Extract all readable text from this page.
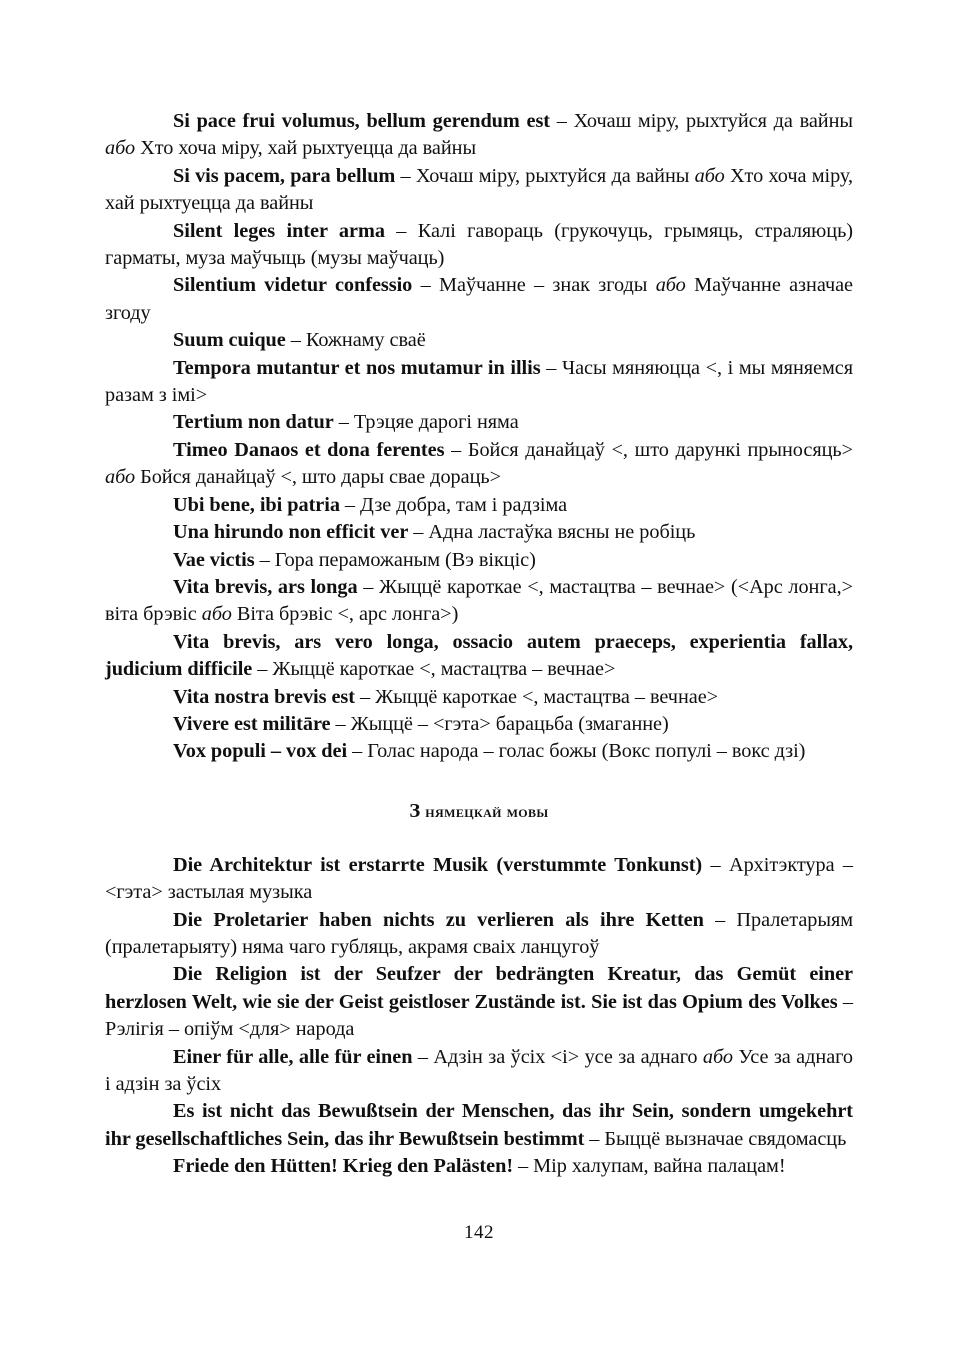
Si pace frui volumus, bellum gerendum est – Хочаш міру, рыхтуйся да вайны або Хто хоча міру, хай рыхтуецца да вайны

Si vis pacem, para bellum – Хочаш міру, рыхтуйся да вайны або Хто хоча міру, хай рыхтуецца да вайны

Silent leges inter arma – Калі гавораць (грукочуць, грымяць, страляюць) гарматы, муза маўчыць (музы маўчаць)

Silentium videtur confessio – Маўчанне – знак згоды або Маўчанне азначае згоду

Suum cuique – Кожнаму сваё

Tempora mutantur et nos mutamur in illis – Часы мяняюцца <, і мы мяняемся разам з імі>

Tertium non datur – Трэцяе дарогі няма

Timeo Danaos et dona ferentes – Бойся данайцаў <, што дарункі прыносяць> або Бойся данайцаў <, што дары свае дораць>

Ubi bene, ibi patria – Дзе добра, там і радзіма

Una hirundo non efficit ver – Адна ластаўка вясны не робіць

Vae victis – Гора пераможаным (Вэ вікціс)

Vita brevis, ars longa – Жыццё кароткае <, мастацтва – вечнае> (<Арс лонга,> віта брэвіс або Віта брэвіс <, арс лонга>)

Vita brevis, ars vero longa, ossacio autem praeceps, experientia fallax, judicium difficile – Жыццё кароткае <, мастацтва – вечнае>

Vita nostra brevis est – Жыццё кароткае <, мастацтва – вечнае>

Vivere est militāre – Жыццё – <гэта> барацьба (змаганне)

Vox populi – vox dei – Голас народа – голас божы (Вокс популі – вокс дзі)

З нямецкай мовы

Die Architektur ist erstarrte Musik (verstummte Tonkunst) – Архітэктура – <гэта> застылая музыка

Die Proletarier haben nichts zu verlieren als ihre Ketten – Пралетарыям (пралетарыяту) няма чаго губляць, акрамя сваіх ланцугоў

Die Religion ist der Seufzer der bedrängten Kreatur, das Gemüt einer herzlosen Welt, wie sie der Geist geistloser Zustände ist. Sie ist das Opium des Volkes – Рэлігія – опіўм <для> народа

Einer für alle, alle für einen – Адзін за ўсіх <і> усе за аднаго або Усе за аднаго і адзін за ўсіх

Es ist nicht das Bewußtsein der Menschen, das ihr Sein, sondern umgekehrt ihr gesellschaftliches Sein, das ihr Bewußtsein bestimmt – Быццё вызначае свядомасць

Friede den Hütten! Krieg den Palästen! – Мір халупам, вайна палацам!

142
